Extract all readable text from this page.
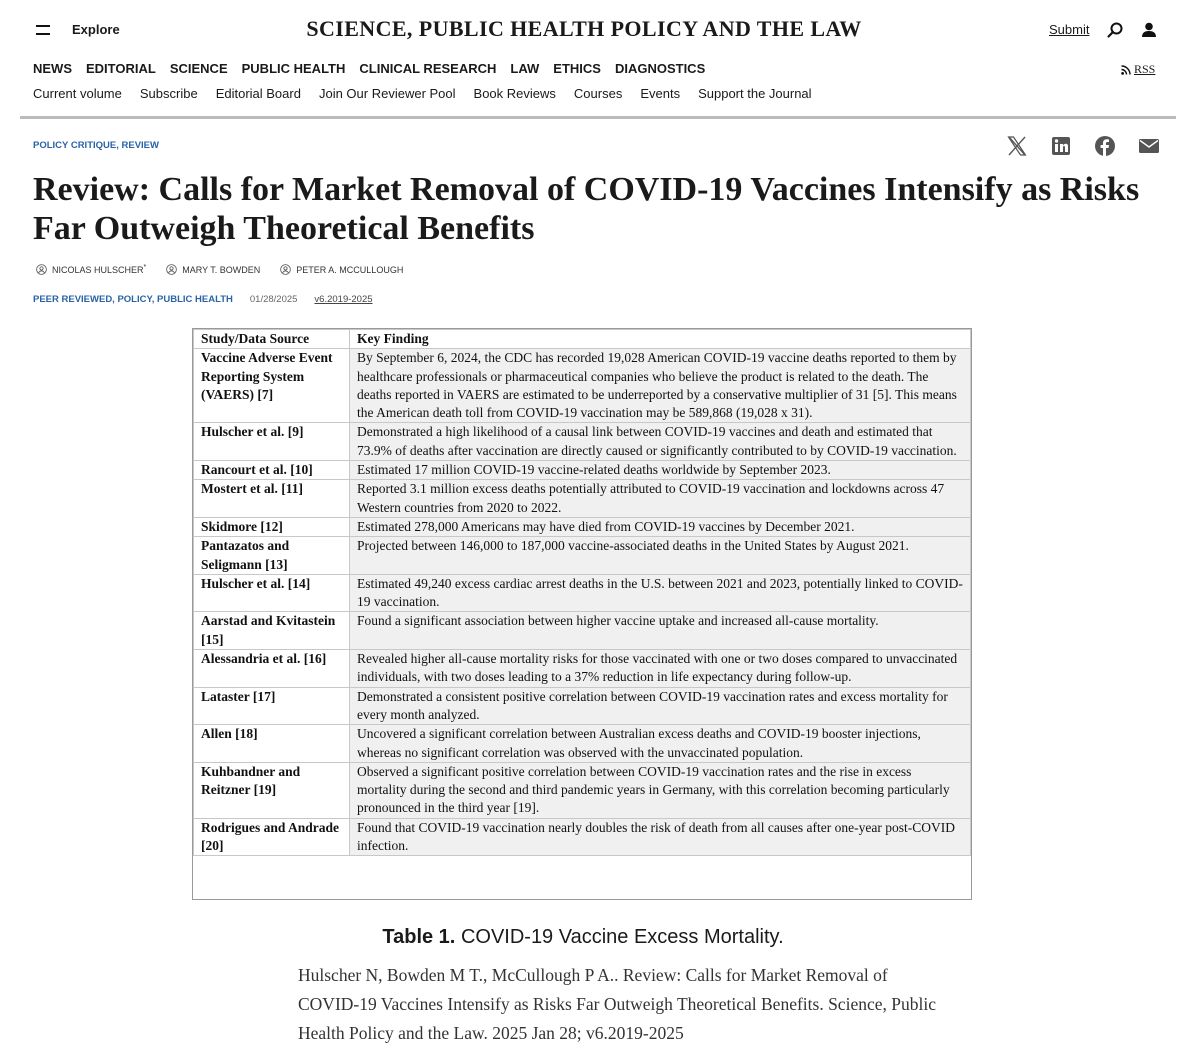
Explore	SCIENCE, PUBLIC HEALTH POLICY AND THE LAW	Submit
NEWS EDITORIAL SCIENCE PUBLIC HEALTH CLINICAL RESEARCH LAW ETHICS DIAGNOSTICS	RSS
Current volume Subscribe Editorial Board Join Our Reviewer Pool Book Reviews Courses Events Support the Journal
POLICY CRITIQUE, REVIEW
Review: Calls for Market Removal of COVID-19 Vaccines Intensify as Risks Far Outweigh Theoretical Benefits
NICOLAS HULSCHER*	MARY T. BOWDEN	PETER A. MCCULLOUGH
PEER REVIEWED, POLICY, PUBLIC HEALTH 01/28/2025 v6.2019-2025
Study/Data Source	Key Finding
Vaccine Adverse Event Reporting System (VAERS) [7]	By September 6, 2024, the CDC has recorded 19,028 American COVID-19 vaccine deaths reported to them by healthcare professionals or pharmaceutical companies who believe the product is related to the death. The deaths reported in VAERS are estimated to be underreported by a conservative multiplier of 31 [5]. This means the American death toll from COVID-19 vaccination may be 589,868 (19,028 x 31).
Hulscher et al. [9]	Demonstrated a high likelihood of a causal link between COVID-19 vaccines and death and estimated that 73.9% of deaths after vaccination are directly caused or significantly contributed to by COVID-19 vaccination.
Rancourt et al. [10]	Estimated 17 million COVID-19 vaccine-related deaths worldwide by September 2023.
Mostert et al. [11]	Reported 3.1 million excess deaths potentially attributed to COVID-19 vaccination and lockdowns across 47 Western countries from 2020 to 2022.
Skidmore [12]	Estimated 278,000 Americans may have died from COVID-19 vaccines by December 2021.
Pantazatos and Seligmann [13]	Projected between 146,000 to 187,000 vaccine-associated deaths in the United States by August 2021.
Hulscher et al. [14]	Estimated 49,240 excess cardiac arrest deaths in the U.S. between 2021 and 2023, potentially linked to COVID-19 vaccination.
Aarstad and Kvitastein [15]	Found a significant association between higher vaccine uptake and increased all-cause mortality.
Alessandria et al. [16]	Revealed higher all-cause mortality risks for those vaccinated with one or two doses compared to unvaccinated individuals, with two doses leading to a 37% reduction in life expectancy during follow-up.
Lataster [17]	Demonstrated a consistent positive correlation between COVID-19 vaccination rates and excess mortality for every month analyzed.
Allen [18]	Uncovered a significant correlation between Australian excess deaths and COVID-19 booster injections, whereas no significant correlation was observed with the unvaccinated population.
Kuhbandner and Reitzner [19]	Observed a significant positive correlation between COVID-19 vaccination rates and the rise in excess mortality during the second and third pandemic years in Germany, with this correlation becoming particularly pronounced in the third year [19].
Rodrigues and Andrade [20]	Found that COVID-19 vaccination nearly doubles the risk of death from all causes after one-year post-COVID infection.
Table 1. COVID-19 Vaccine Excess Mortality.
Hulscher N, Bowden M T., McCullough P A.. Review: Calls for Market Removal of COVID-19 Vaccines Intensify as Risks Far Outweigh Theoretical Benefits. Science, Public Health Policy and the Law. 2025 Jan 28; v6.2019-2025
